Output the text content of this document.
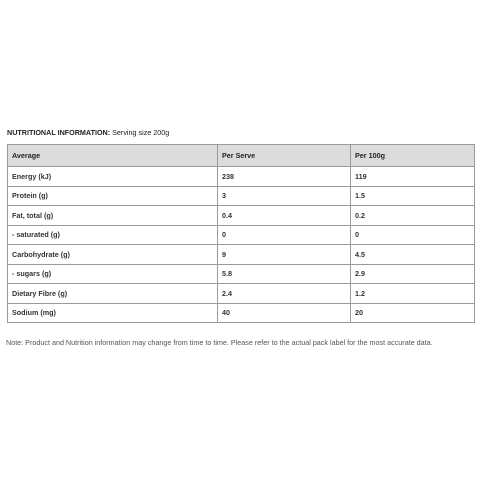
NUTRITIONAL INFORMATION: Serving size 200g
Average	Per Serve	Per 100g
Energy (kJ)	238	119
Protein (g)	3	1.5
Fat, total (g)	0.4	0.2
- saturated (g)	0	0
Carbohydrate (g)	9	4.5
- sugars (g)	5.8	2.9
Dietary Fibre (g)	2.4	1.2
Sodium (mg)	40	20
Note: Product and Nutrition information may change from time to time. Please refer to the actual pack label for the most accurate data.
